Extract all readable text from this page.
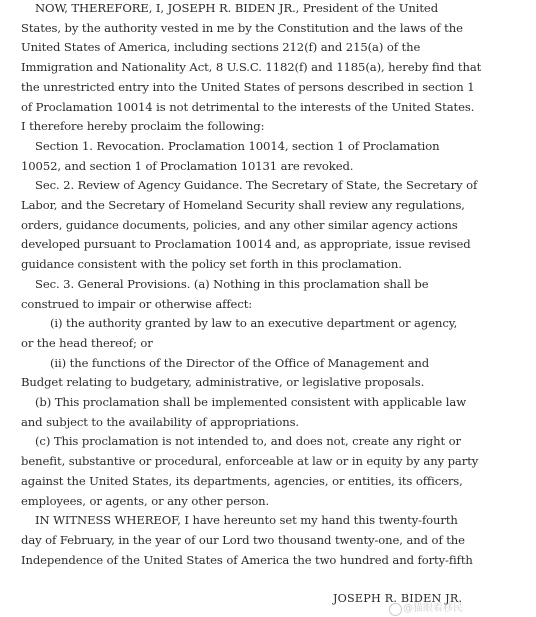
NOW, THEREFORE, I, JOSEPH R. BIDEN JR., President of the United
States, by the authority vested in me by the Constitution and the laws of the
United States of America, including sections 212(f) and 215(a) of the
Immigration and Nationality Act, 8 U.S.C. 1182(f) and 1185(a), hereby find that
the unrestricted entry into the United States of persons described in section 1
of Proclamation 10014 is not detrimental to the interests of the United States.
I therefore hereby proclaim the following:
Section 1. Revocation. Proclamation 10014, section 1 of Proclamation
10052, and section 1 of Proclamation 10131 are revoked.
Sec. 2. Review of Agency Guidance. The Secretary of State, the Secretary of
Labor, and the Secretary of Homeland Security shall review any regulations,
orders, guidance documents, policies, and any other similar agency actions
developed pursuant to Proclamation 10014 and, as appropriate, issue revised
guidance consistent with the policy set forth in this proclamation.
Sec. 3. General Provisions. (a) Nothing in this proclamation shall be
construed to impair or otherwise affect:
(i) the authority granted by law to an executive department or agency,
or the head thereof; or
(ii) the functions of the Director of the Office of Management and
Budget relating to budgetary, administrative, or legislative proposals.
(b) This proclamation shall be implemented consistent with applicable law
and subject to the availability of appropriations.
(c) This proclamation is not intended to, and does not, create any right or
benefit, substantive or procedural, enforceable at law or in equity by any party
against the United States, its departments, agencies, or entities, its officers,
employees, or agents, or any other person.
IN WITNESS WHEREOF, I have hereunto set my hand this twenty-fourth
day of February, in the year of our Lord two thousand twenty-one, and of the
Independence of the United States of America the two hundred and forty-fifth
JOSEPH R. BIDEN JR.
@猫眼看移民
